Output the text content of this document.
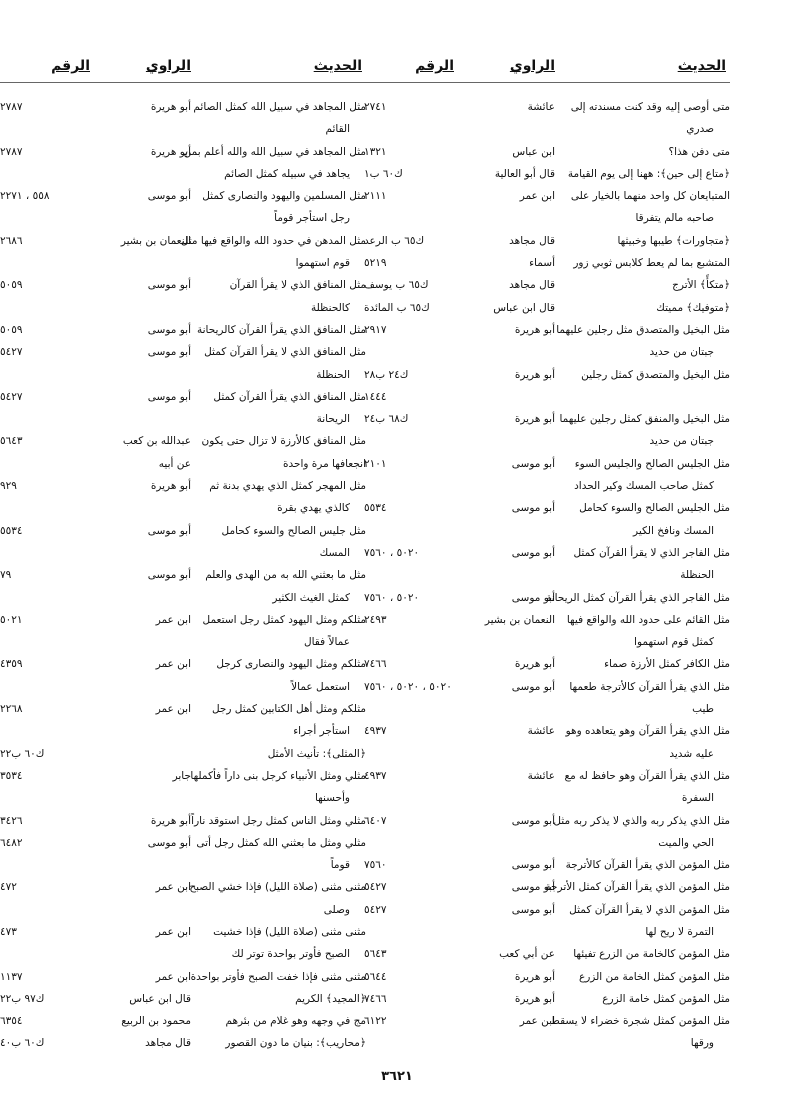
الحديث
الراوي
الرقم
متى أوصى إليه وقد كنت مسندته إلى
عائشة
٢٧٤١
صدري
متى دفن هذا؟
ابن عباس
١٣٢١
﴿متاع إلى حين﴾: ههنا إلى يوم القيامة
قال أبو العالية
ك٦٠ ب١
المتبايعان كل واحد منهما بالخيار على
ابن عمر
٢١١١
صاحبه مالم يتفرقا
﴿متجاورات﴾ طيبها وخبيثها
قال مجاهد
ك٦٥ ب الرعد
المتشبع بما لم يعط كلابس ثوبي زور
أسماء
٥٢١٩
﴿متكأً﴾ الأترج
قال مجاهد
ك٦٥ ب يوسف
﴿متوفيك﴾ مميتك
قال ابن عباس
ك٦٥ ب المائدة
مثل البخيل والمتصدق مثل رجلين عليهما
أبو هريرة
٢٩١٧
جبتان من حديد
مثل البخيل والمتصدق كمثل رجلين
أبو هريرة
ك٢٤ ب٢٨
١٤٤٤
مثل البخيل والمنفق كمثل رجلين عليهما
أبو هريرة
ك٦٨ ب٢٤
جبتان من حديد
مثل الجليس الصالح والجليس السوء
أبو موسى
٢١٠١
كمثل صاحب المسك وكير الحداد
مثل الجليس الصالح والسوء كحامل
أبو موسى
٥٥٣٤
المسك ونافخ الكير
مثل الفاجر الذي لا يقرأ القرآن كمثل
أبو موسى
٥٠٢٠ ، ٧٥٦٠
الحنظلة
مثل الفاجر الذي يقرأ القرآن كمثل الريحانة
أبو موسى
٥٠٢٠ ، ٧٥٦٠
مثل القائم على حدود الله والواقع فيها
النعمان بن بشير
٢٤٩٣
كمثل قوم استهموا
مثل الكافر كمثل الأرزة صماء
أبو هريرة
٧٤٦٦
مثل الذي يقرأ القرآن كالأترجة طعمها
أبو موسى
٥٠٢٠ ، ٥٠٢٠ ، ٧٥٦٠
طيب
مثل الذي يقرأ القرآن وهو يتعاهده وهو
عائشة
٤٩٣٧
عليه شديد
مثل الذي يقرأ القرآن وهو حافظ له مع
عائشة
٤٩٣٧
السفرة
مثل الذي يذكر ربه والذي لا يذكر ربه مثل
أبو موسى
٦٤٠٧
الحي والميت
مثل المؤمن الذي يقرأ القرآن كالأترجة
أبو موسى
٧٥٦٠
مثل المؤمن الذي يقرأ القرآن كمثل الأترجة
أبو موسى
٥٤٢٧
مثل المؤمن الذي لا يقرأ القرآن كمثل
أبو موسى
٥٤٢٧
التمرة لا ريح لها
مثل المؤمن كالخامة من الزرع تفيئها
عن أبي كعب
٥٦٤٣
مثل المؤمن كمثل الخامة من الزرع
أبو هريرة
٥٦٤٤
مثل المؤمن كمثل خامة الزرع
أبو هريرة
٧٤٦٦
مثل المؤمن كمثل شجرة خضراء لا يسقط
ابن عمر
٦١٢٢
ورقها
الحديث
الراوي
الرقم
مثل المجاهد في سبيل الله كمثل الصائم
أبو هريرة
٢٧٨٧
القائم
مثل المجاهد في سبيل الله والله أعلم بمن
أبو هريرة
٢٧٨٧
يجاهد في سبيله كمثل الصائم
مثل المسلمين واليهود والنصارى كمثل
أبو موسى
٥٥٨ ، ٢٢٧١
رجل استأجر قوماً
مثل المدهن في حدود الله والواقع فيها مثل
النعمان بن بشير
٢٦٨٦
قوم استهموا
مثل المنافق الذي لا يقرأ القرآن
أبو موسى
٥٠٥٩
كالحنظلة
مثل المنافق الذي يقرأ القرآن كالريحانة
أبو موسى
٥٠٥٩
مثل المنافق الذي لا يقرأ القرآن كمثل
أبو موسى
٥٤٢٧
الحنظلة
مثل المنافق الذي يقرأ القرآن كمثل
أبو موسى
٥٤٢٧
الريحانة
مثل المنافق كالأرزة لا تزال حتى يكون
عبدالله بن كعب
٥٦٤٣
انجعافها مرة واحدة
عن أبيه
مثل المهجر كمثل الذي يهدي بدنة ثم
أبو هريرة
٩٢٩
كالذي يهدي بقرة
مثل جليس الصالح والسوء كحامل
أبو موسى
٥٥٣٤
المسك
مثل ما بعثني الله به من الهدى والعلم
أبو موسى
٧٩
كمثل الغيث الكثير
مثلكم ومثل اليهود كمثل رجل استعمل
ابن عمر
٥٠٢١
عمالاً فقال
مثلكم ومثل اليهود والنصارى كرجل
ابن عمر
٤٣٥٩
استعمل عمالاً
مثلكم ومثل أهل الكتابين كمثل رجل
ابن عمر
٢٢٦٨
استأجر أجراء
﴿المثلى﴾: تأنيث الأمثل
ك٦٠ ب٢٢
مثلي ومثل الأنبياء كرجل بنى داراً فأكملها
جابر
٣٥٣٤
وأحسنها
مثلي ومثل الناس كمثل رجل استوقد ناراً
أبو هريرة
٣٤٢٦
مثلي ومثل ما بعثني الله كمثل رجل أتى
أبو موسى
٦٤٨٢
قوماً
مثنى مثنى (صلاة الليل) فإذا خشي الصبح
ابن عمر
٤٧٢
وصلى
مثنى مثنى (صلاة الليل) فإذا خشيت
ابن عمر
٤٧٣
الصبح فأوتر بواحدة توتر لك
مثنى مثنى فإذا خفت الصبح فأوتر بواحدة
ابن عمر
١١٣٧
﴿المجيد﴾ الكريم
قال ابن عباس
ك٩٧ ب٢٢
مج في وجهه وهو غلام من بئرهم
محمود بن الربيع
٦٣٥٤
﴿محاريب﴾: بنيان ما دون القصور
قال مجاهد
ك٦٠ ب٤٠
٣٦٢١
